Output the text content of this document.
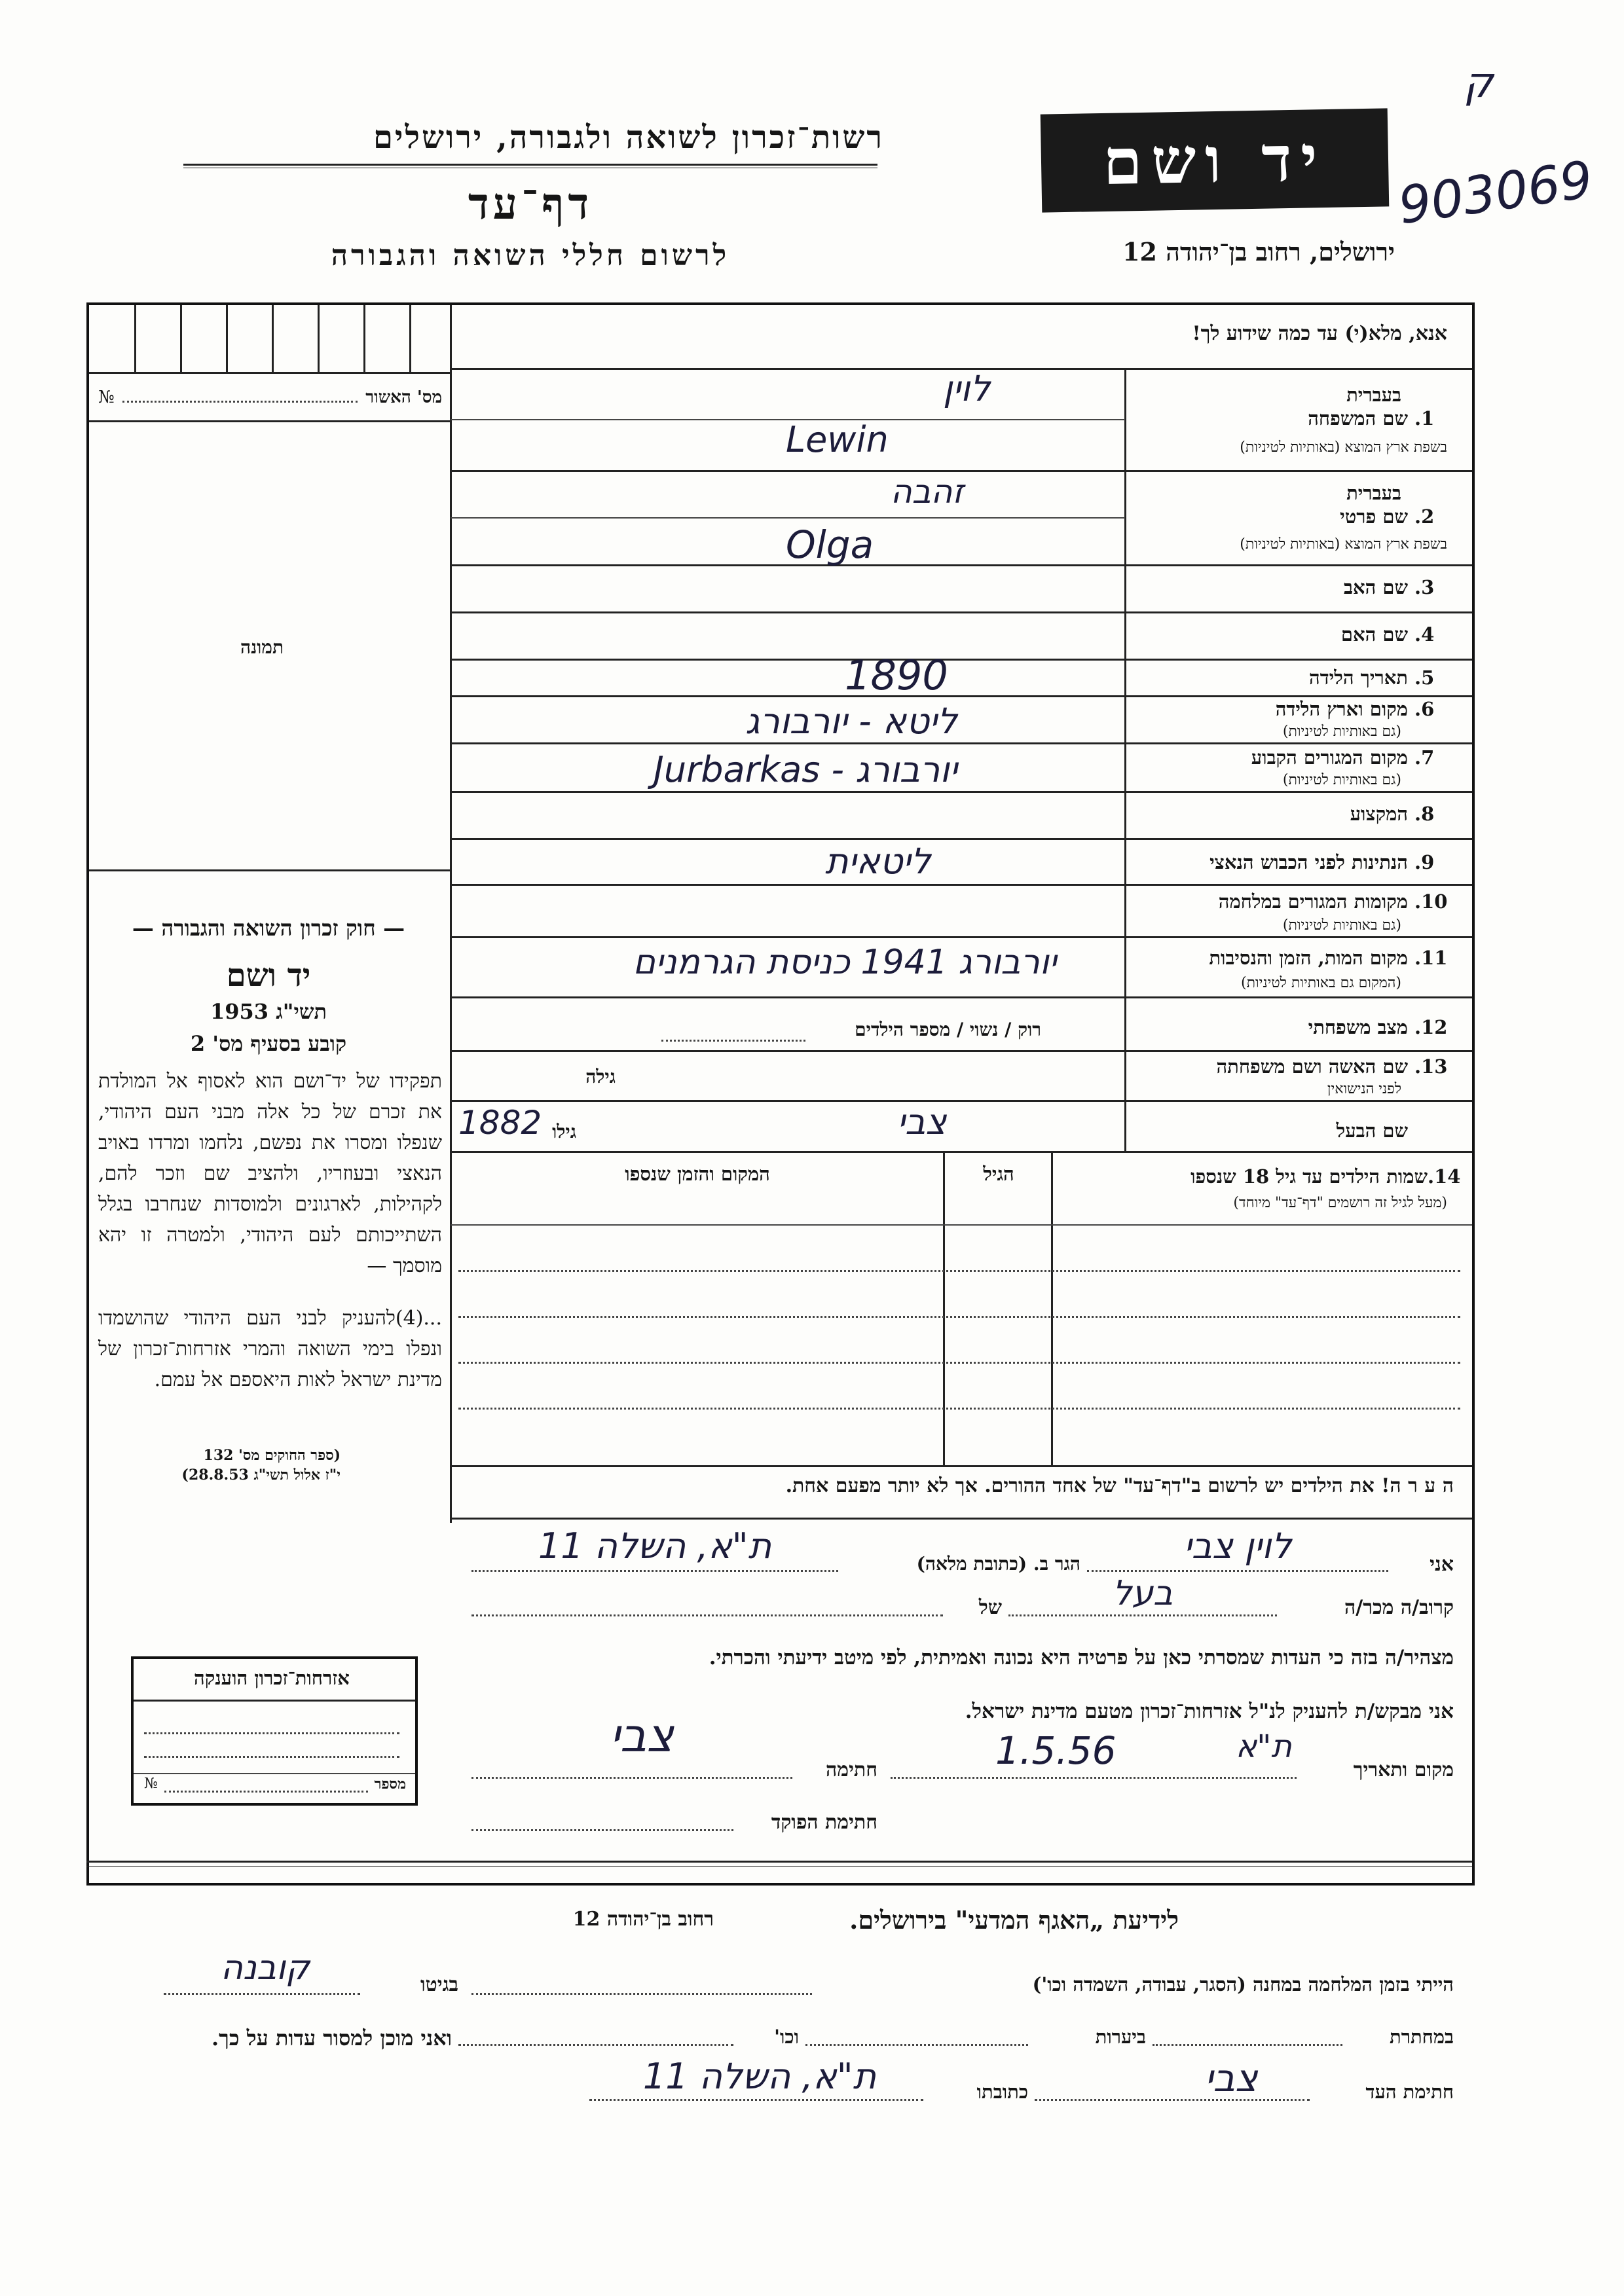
ק
רשות־זכרון לשואה ולגבורה, ירושלים
דף־עד
לרשום חללי השואה והגבורה
יד ושם
ירושלים, רחוב בן־יהודה 12
903069
מס' האשור
№
תמונה
— חוק זכרון השואה והגבורה —
יד ושם
תשי"ג 1953
קובע בסעיף מס' 2
תפקידו של יד־ושם הוא לאסוף אל המולדת את זכרם של כל אלה מבני העם היהודי, שנפלו ומסרו את נפשם, נלחמו ומרדו באויב הנאצי ובעוזריו, ולהציב שם וזכר להם, לקהילות, לארגונים ולמוסדות שנחרבו בגלל השתייכותם לעם היהודי, ולמטרה זו יהא מוסמך —
...(4)להעניק לבני העם היהודי שהושמדו ונפלו בימי השואה והמרי אזרחות־זכרון של מדינת ישראל לאות היאספם אל עמם.
(ספר החוקים מס' 132
י"ז אלול תשי"ג 28.8.53)
אנא, מלא(י) עד כמה שידוע לך!
בעברית
שם המשפחה 1.
בשפת ארץ המוצא (באותיות לטיניות)
לוין
Lewin
בעברית
שם פרטי 2.
בשפת ארץ המוצא (באותיות לטיניות)
זהבה
Olga
שם האב 3.
שם האם 4.
תאריך הלידה 5.
1890
מקום וארץ הלידה 6.
(גם באותיות לטיניות)
ליטא - יורבורג
מקום המגורים הקבוע 7.
(גם באותיות לטיניות)
יורבורג - Jurbarkas
המקצוע 8.
הנתינות לפני הכבוש הנאצי 9.
ליטאית
מקומות המגורים במלחמה 10.
(גם באותיות לטיניות)
מקום המות, הזמן והנסיבות 11.
(המקום גם באותיות לטיניות)
יורבורג 1941 כניסת הגרמנים
מצב משפחתי 12.
רוק / נשוי / מספר הילדים
שם האשה ושם משפחתה 13.
לפני הנישואין
גילה
שם הבעל
גילו
1882	צבי
שמות הילדים עד גיל 18 שנספו 14.
(מעל לגיל זה רושמים "דף־עד" מיוחד)
הגיל
המקום והזמן שנספו
ה ע ר ה! את הילדים יש לרשום ב"דף־עד" של אחד ההורים. אך לא יותר מפעם אחת.
אני
לוין צבי
הגר ב. (כתובת מלאה)
ת"א, השלה 11
קרוב/ה מכר/ה
בעל
של
מצהיר/ה בזה כי העדות שמסרתי כאן על פרטיה היא נכונה ואמיתית, לפי מיטב ידיעתי והכרתי.
אני מבקש/ת להעניק לנ"ל אזרחות־זכרון מטעם מדינת ישראל.
מקום ותאריך
ת"א
1.5.56
חתימה
צבי
חתימת הפוקד
אזרחות־זכרון הוענקה
מספר
№
לידיעת „האגף המדעי" בירושלים.
רחוב בן־יהודה 12
הייתי בזמן המלחמה במחנה (הסגר, עבודה, השמדה וכו')
בגיטו
קובנה
במחתרת
ביערות
וכו'
ואני מוכן למסור עדות על כך.
חתימת העד
צבי
כתובתו
ת"א, השלה 11
